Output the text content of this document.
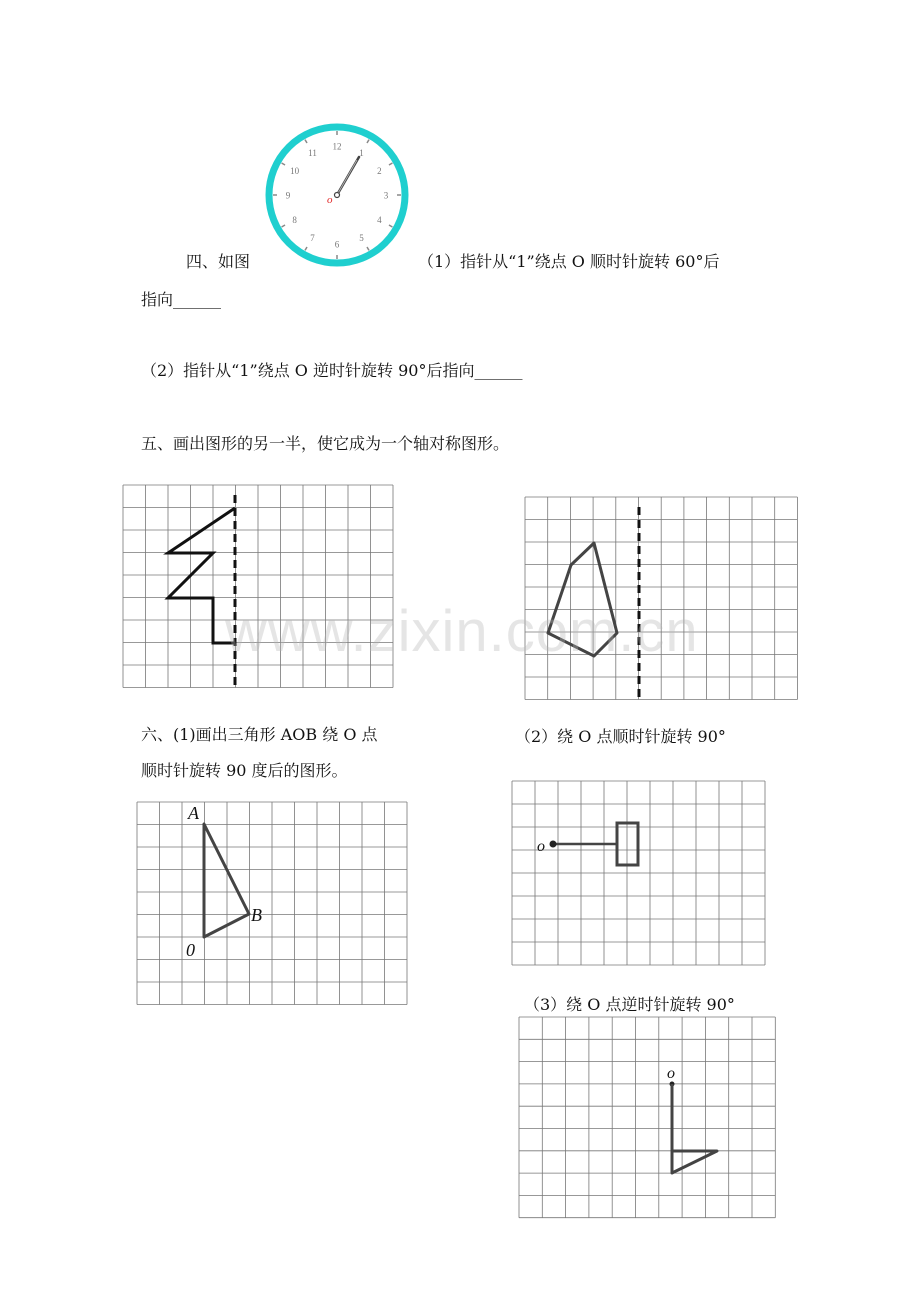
四、如图
12
1
2
3
4
5
6
7
8
9
10
11
o
（1）指针从“1”绕点 O 顺时针旋转 60°后
指向______
（2）指针从“1”绕点 O 逆时针旋转 90°后指向______
五、画出图形的另一半，使它成为一个轴对称图形。
www.zixin.com.cn
六、(1)画出三角形 AOB 绕 O 点
顺时针旋转 90 度后的图形。
（2）绕 O 点顺时针旋转 90°
A
B
0
o
（3）绕 O 点逆时针旋转 90°
o
